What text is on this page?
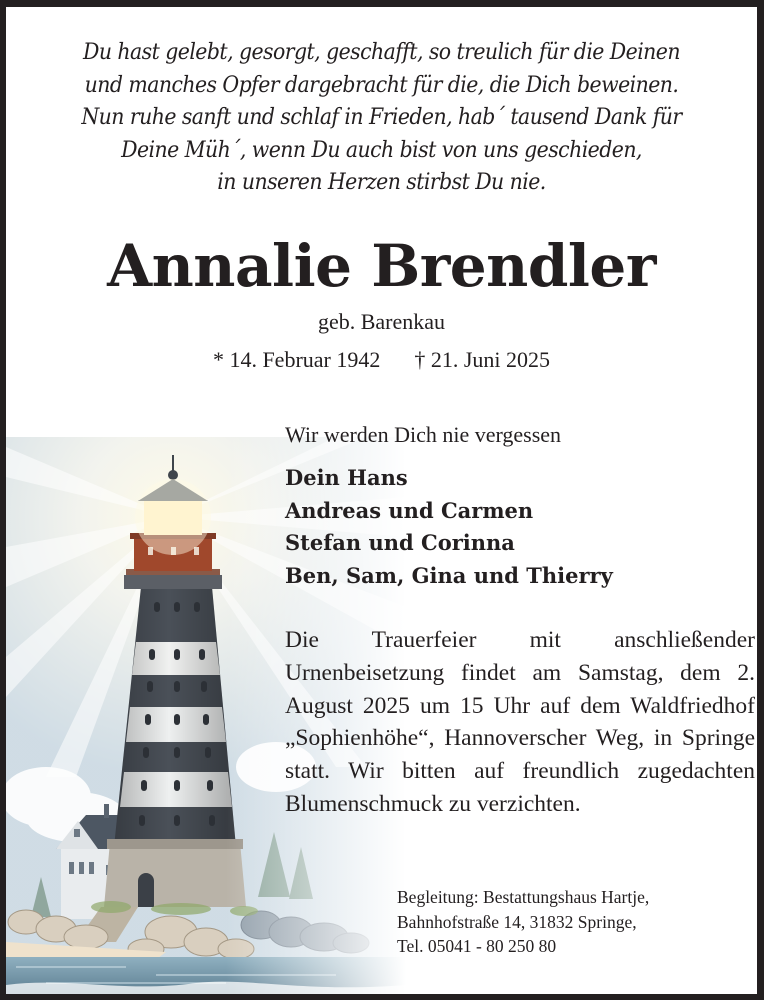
Du hast gelebt, gesorgt, geschafft, so treulich für die Deinen
und manches Opfer dargebracht für die, die Dich beweinen.
Nun ruhe sanft und schlaf in Frieden, hab´ tausend Dank für
Deine Müh´, wenn Du auch bist von uns geschieden,
in unseren Herzen stirbst Du nie.
Annalie Brendler
geb. Barenkau
* 14. Februar 1942 † 21. Juni 2025
Wir werden Dich nie vergessen
Dein Hans
Andreas und Carmen
Stefan und Corinna
Ben, Sam, Gina und Thierry
Die Trauerfeier mit anschließender Urnenbeisetzung findet am Samstag, dem 2. August 2025 um 15 Uhr auf dem Waldfriedhof „Sophienhöhe“, Hannoverscher Weg, in Springe statt. Wir bitten auf freundlich zugedachten Blumenschmuck zu verzichten.
Begleitung: Bestattungshaus Hartje,
Bahnhofstraße 14, 31832 Springe,
Tel. 05041 - 80 250 80
